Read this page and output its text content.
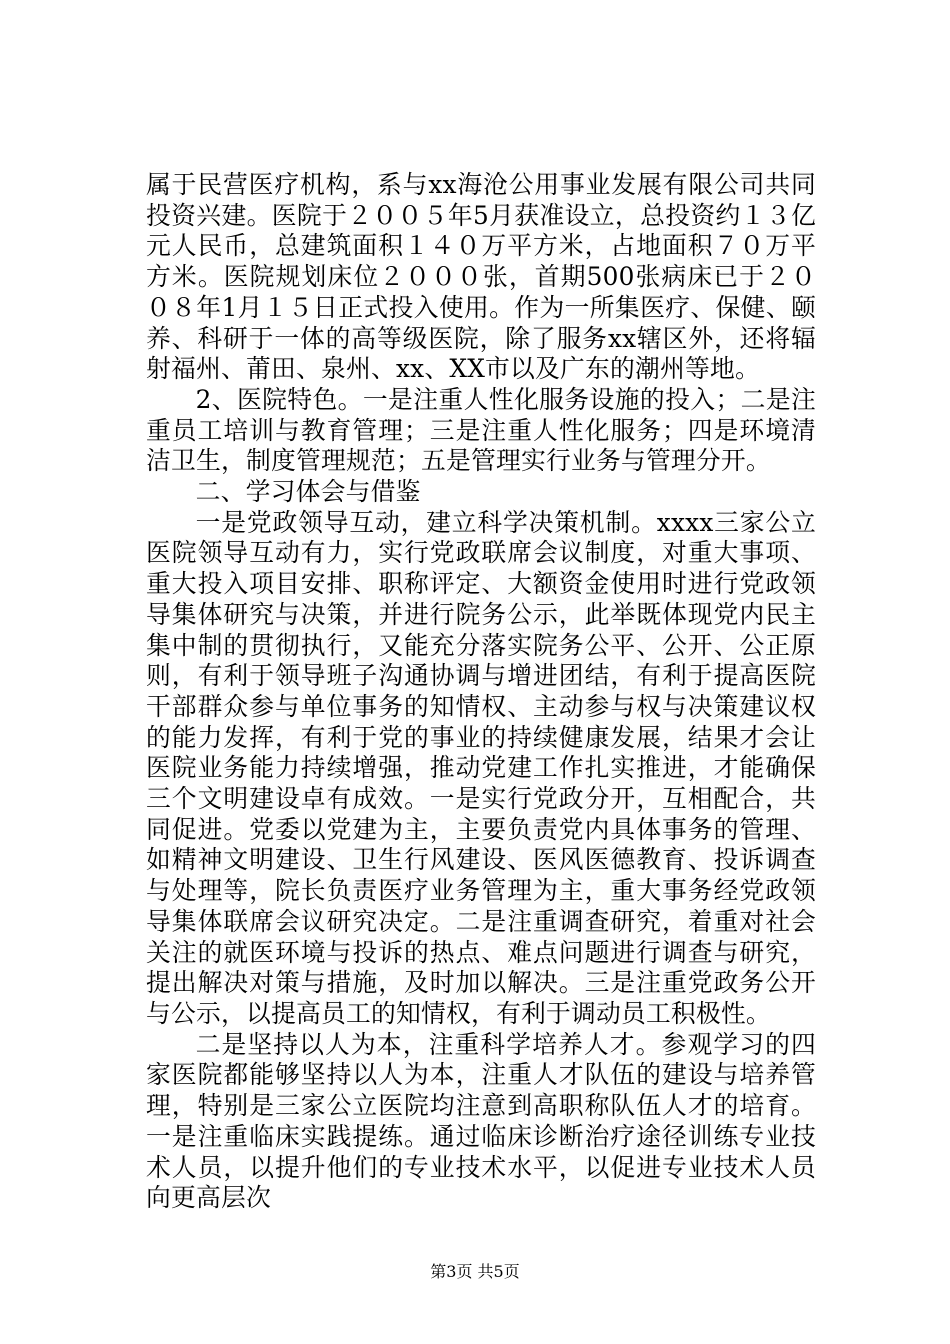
属于民营医疗机构，系与xx海沧公用事业发展有限公司共同投资兴建。医院于２００５年5月获准设立，总投资约１３亿元人民币，总建筑面积１４０万平方米，占地面积７０万平方米。医院规划床位２０００张，首期500张病床已于２００８年1月１５日正式投入使用。作为一所集医疗、保健、颐养、科研于一体的高等级医院，除了服务xx辖区外，还将辐射福州、莆田、泉州、xx、XX市以及广东的潮州等地。

2、医院特色。一是注重人性化服务设施的投入；二是注重员工培训与教育管理；三是注重人性化服务；四是环境清洁卫生，制度管理规范；五是管理实行业务与管理分开。

二、学习体会与借鉴

一是党政领导互动，建立科学决策机制。xxxx三家公立医院领导互动有力，实行党政联席会议制度，对重大事项、重大投入项目安排、职称评定、大额资金使用时进行党政领导集体研究与决策，并进行院务公示，此举既体现党内民主集中制的贯彻执行，又能充分落实院务公平、公开、公正原则，有利于领导班子沟通协调与增进团结，有利于提高医院干部群众参与单位事务的知情权、主动参与权与决策建议权的能力发挥，有利于党的事业的持续健康发展，结果才会让医院业务能力持续增强，推动党建工作扎实推进，才能确保三个文明建设卓有成效。一是实行党政分开，互相配合，共同促进。党委以党建为主，主要负责党内具体事务的管理、如精神文明建设、卫生行风建设、医风医德教育、投诉调查与处理等，院长负责医疗业务管理为主，重大事务经党政领导集体联席会议研究决定。二是注重调查研究，着重对社会关注的就医环境与投诉的热点、难点问题进行调查与研究，提出解决对策与措施，及时加以解决。三是注重党政务公开与公示，以提高员工的知情权，有利于调动员工积极性。

二是坚持以人为本，注重科学培养人才。参观学习的四家医院都能够坚持以人为本，注重人才队伍的建设与培养管理，特别是三家公立医院均注意到高职称队伍人才的培育。一是注重临床实践提练。通过临床诊断治疗途径训练专业技术人员，以提升他们的专业技术水平，以促进专业技术人员向更高层次

第3页 共5页
